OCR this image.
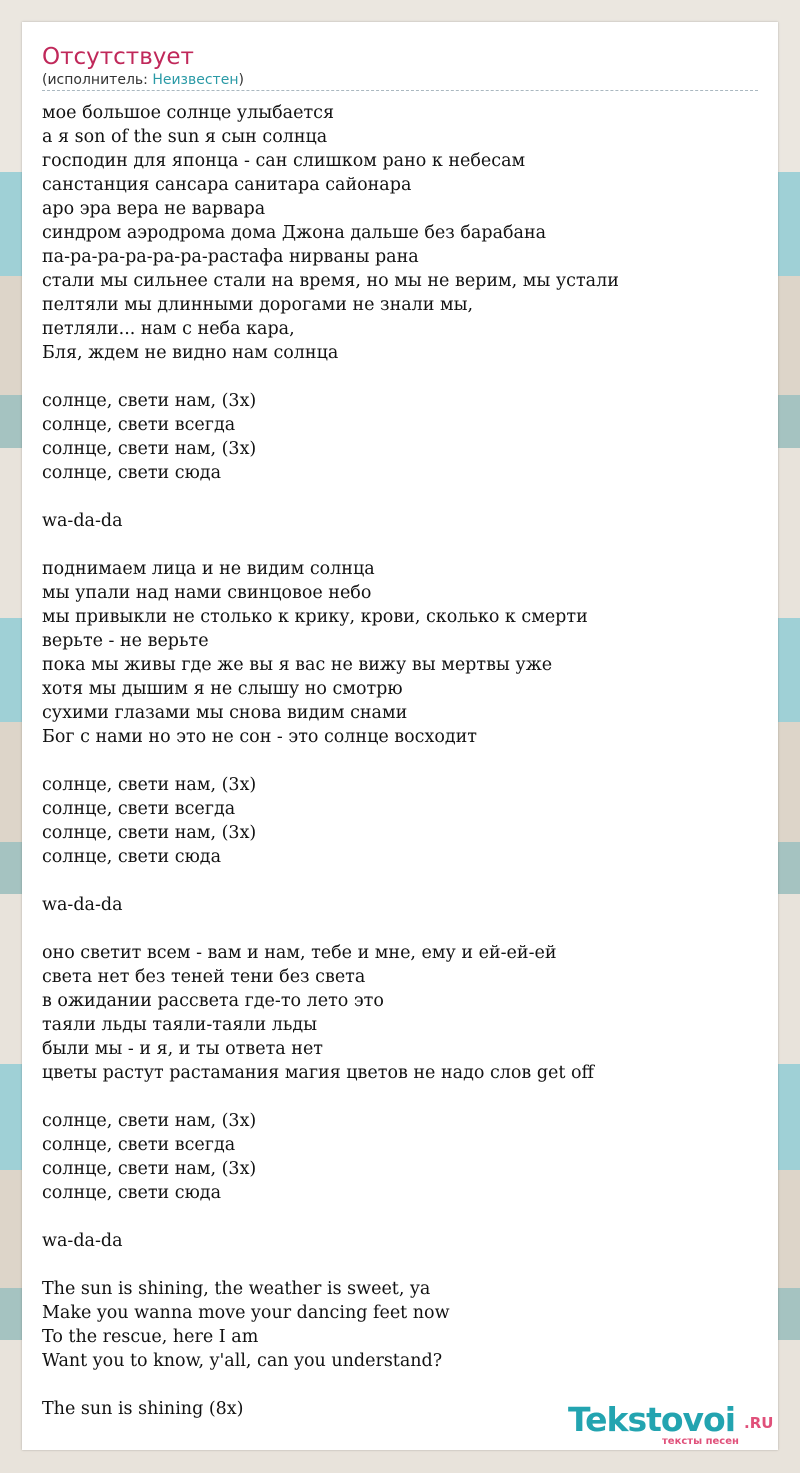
Отсутствует
(исполнитель: Неизвестен)
мое большое солнце улыбается
а я son of the sun я сын солнца
господин для японца - сан слишком рано к небесам
санстанция сансара санитара сайонара
аро эра вера не варвара
синдром аэродрома дома Джона дальше без барабана
па-ра-ра-ра-ра-ра-растафа нирваны рана
стали мы сильнее стали на время, но мы не верим, мы устали
пелтяли мы длинными дорогами не знали мы,
петляли... нам с неба кара,
Бля, ждем не видно нам солнца
солнце, свети нам, (3x)
солнце, свети всегда
солнце, свети нам, (3x)
солнце, свети сюда
wa-da-da
поднимаем лица и не видим солнца
мы упали над нами свинцовое небо
мы привыкли не столько к крику, крови, сколько к смерти
верьте - не верьте
пока мы живы где же вы я вас не вижу вы мертвы уже
хотя мы дышим я не слышу но смотрю
сухими глазами мы снова видим снами
Бог с нами но это не сон - это солнце восходит
солнце, свети нам, (3x)
солнце, свети всегда
солнце, свети нам, (3x)
солнце, свети сюда
wa-da-da
оно светит всем - вам и нам, тебе и мне, ему и ей-ей-ей
света нет без теней тени без света
в ожидании рассвета где-то лето это
таяли льды таяли-таяли льды
были мы - и я, и ты ответа нет
цветы растут растамания магия цветов не надо слов get off
солнце, свети нам, (3x)
солнце, свети всегда
солнце, свети нам, (3x)
солнце, свети сюда
wa-da-da
The sun is shining, the weather is sweet, ya
Make you wanna move your dancing feet now
To the rescue, here I am
Want you to know, y'all, can you understand?
The sun is shining (8x)	Tekstovoi .RU
тексты песен
